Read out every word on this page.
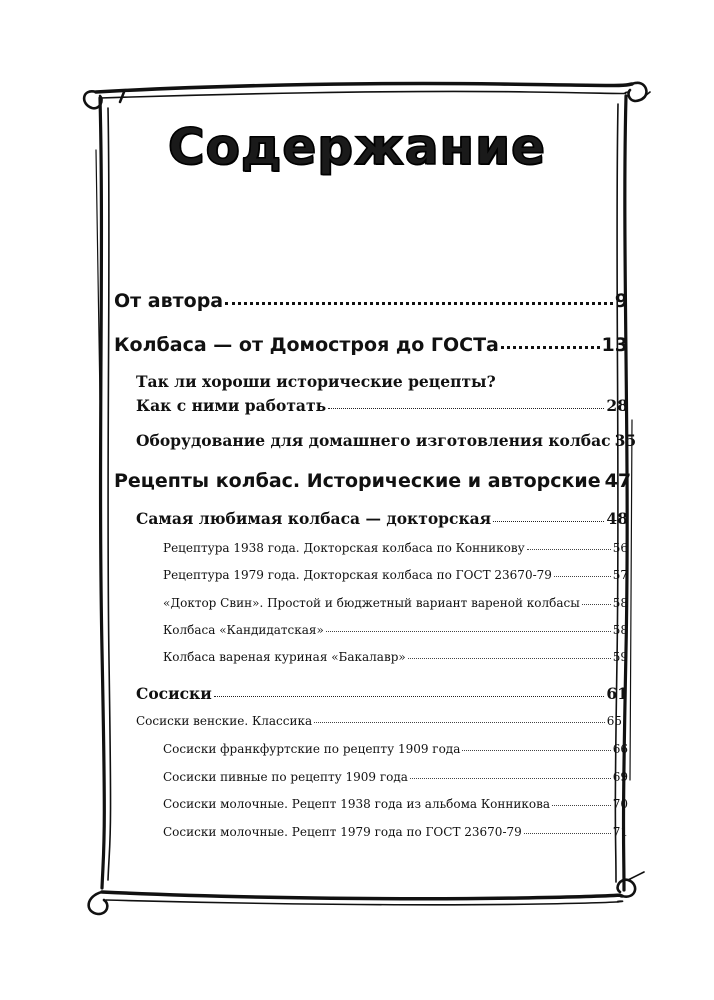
Содержание
От автора	9
Колбаса — от Домостроя до ГОСТа	13
Так ли хороши исторические рецепты?
Как с ними работать	28
Оборудование для домашнего изготовления колбас 35
Рецепты колбас. Исторические и авторские 47
Самая любимая колбаса — докторская	48
Рецептура 1938 года. Докторская колбаса по Конникову	56
Рецептура 1979 года. Докторская колбаса по ГОСТ 23670-79	57
«Доктор Свин». Простой и бюджетный вариант вареной колбасы	58
Колбаса «Кандидатская»	58
Колбаса вареная куриная «Бакалавр»	59
Сосиски	61
Сосиски венские. Классика	65
Сосиски франкфуртские по рецепту 1909 года	66
Сосиски пивные по рецепту 1909 года	69
Сосиски молочные. Рецепт 1938 года из альбома Конникова	70
Сосиски молочные. Рецепт 1979 года по ГОСТ 23670-79	71
